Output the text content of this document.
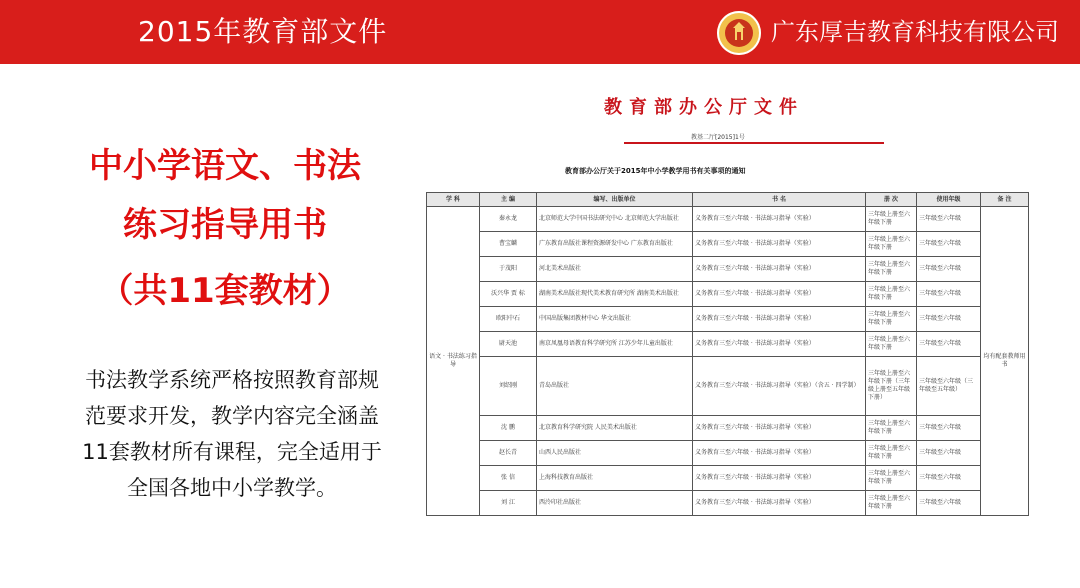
2015年教育部文件	广东厚吉教育科技有限公司
中小学语文、书法
练习指导用书
（共11套教材）
书法教学系统严格按照教育部规
范要求开发，教学内容完全涵盖
11套教材所有课程，完全适用于
全国各地中小学教学。
教育部办公厅文件
教基二厅[2015]1号
教育部办公厅关于2015年中小学教学用书有关事项的通知
学 科	主 编	编写、出版单位	书 名	册 次	使用年级	备 注
语文 · 书法练习指导	秦永龙	北京师范大学中国书法研究中心 北京师范大学出版社	义务教育三至六年级 · 书法练习指导（实验）	三年级上册至六年级下册	三年级至六年级	均有配套教师用书
	曹宝麟	广东教育出版社课程资源研发中心 广东教育出版社	义务教育三至六年级 · 书法练习指导（实验）	三年级上册至六年级下册	三年级至六年级	
	于茂阳	河北美术出版社	义务教育三至六年级 · 书法练习指导（实验）	三年级上册至六年级下册	三年级至六年级	
	沃兴华 贾 标	湖南美术出版社现代美术教育研究所 湖南美术出版社	义务教育三至六年级 · 书法练习指导（实验）	三年级上册至六年级下册	三年级至六年级	
	欧阳中石	中国出版集团教材中心 华文出版社	义务教育三至六年级 · 书法练习指导（实验）	三年级上册至六年级下册	三年级至六年级	
	尉天池	南京凤凰母语教育科学研究所 江苏少年儿童出版社	义务教育三至六年级 · 书法练习指导（实验）	三年级上册至六年级下册	三年级至六年级	
	刘绍刚	青岛出版社	义务教育三至六年级 · 书法练习指导（实验）（含五 · 四学制）	三年级上册至六年级下册（三年级上册至五年级下册）	三年级至六年级（三年级至五年级）	
	沈 鹏	北京教育科学研究院 人民美术出版社	义务教育三至六年级 · 书法练习指导（实验）	三年级上册至六年级下册	三年级至六年级	
	赵长青	山西人民出版社	义务教育三至六年级 · 书法练习指导（实验）	三年级上册至六年级下册	三年级至六年级	
	张 信	上海科技教育出版社	义务教育三至六年级 · 书法练习指导（实验）	三年级上册至六年级下册	三年级至六年级	
	刘 江	西泠印社出版社	义务教育三至六年级 · 书法练习指导（实验）	三年级上册至六年级下册	三年级至六年级	
